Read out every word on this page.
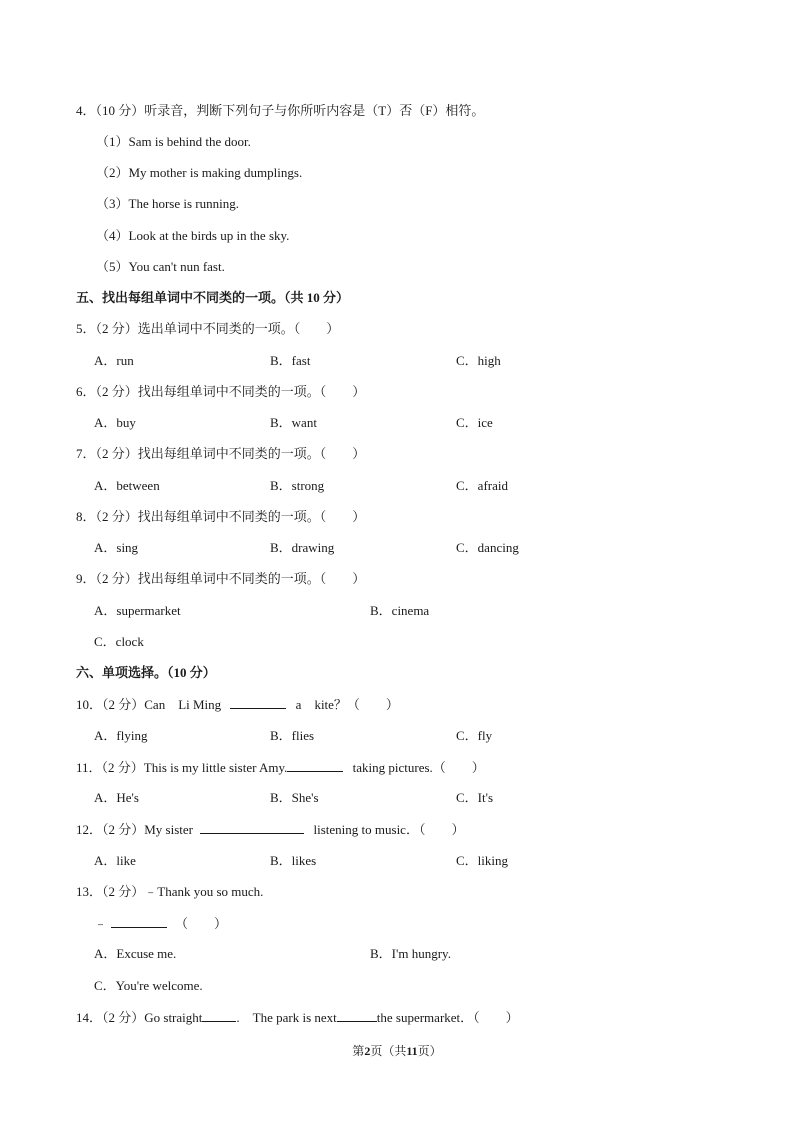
4．（10 分）听录音，判断下列句子与你所听内容是（T）否（F）相符。
（1）Sam is behind the door.
（2）My mother is making dumplings.
（3）The horse is running.
（4）Look at the birds up in the sky.
（5）You can't nun fast.
五、找出每组单词中不同类的一项。（共 10 分）
5．（2 分）选出单词中不同类的一项。（　　）
A．run	B．fast	C．high
6．（2 分）找出每组单词中不同类的一项。（　　）
A．buy	B．want	C．ice
7．（2 分）找出每组单词中不同类的一项。（　　）
A．between	B．strong	C．afraid
8．（2 分）找出每组单词中不同类的一项。（　　）
A．sing	B．drawing	C．dancing
9．（2 分）找出每组单词中不同类的一项。（　　）
A．supermarket	B．cinema
C．clock
六、单项选择。（10 分）
10．（2 分）Can　Li Ming	a　kite？（　　）
A．flying	B．flies	C．fly
11．（2 分）This is my little sister Amy.	taking pictures.（　　）
A．He's	B．She's	C．It's
12．（2 分）My sister	listening to music．（　　）
A．like	B．likes	C．liking
13．（2 分）﹣Thank you so much.
﹣	（　　）
A．Excuse me.	B．I'm hungry.
C．You're welcome.
14．（2 分）Go straight	.　The park is next	the supermarket．（　　）
第2页（共11页）
